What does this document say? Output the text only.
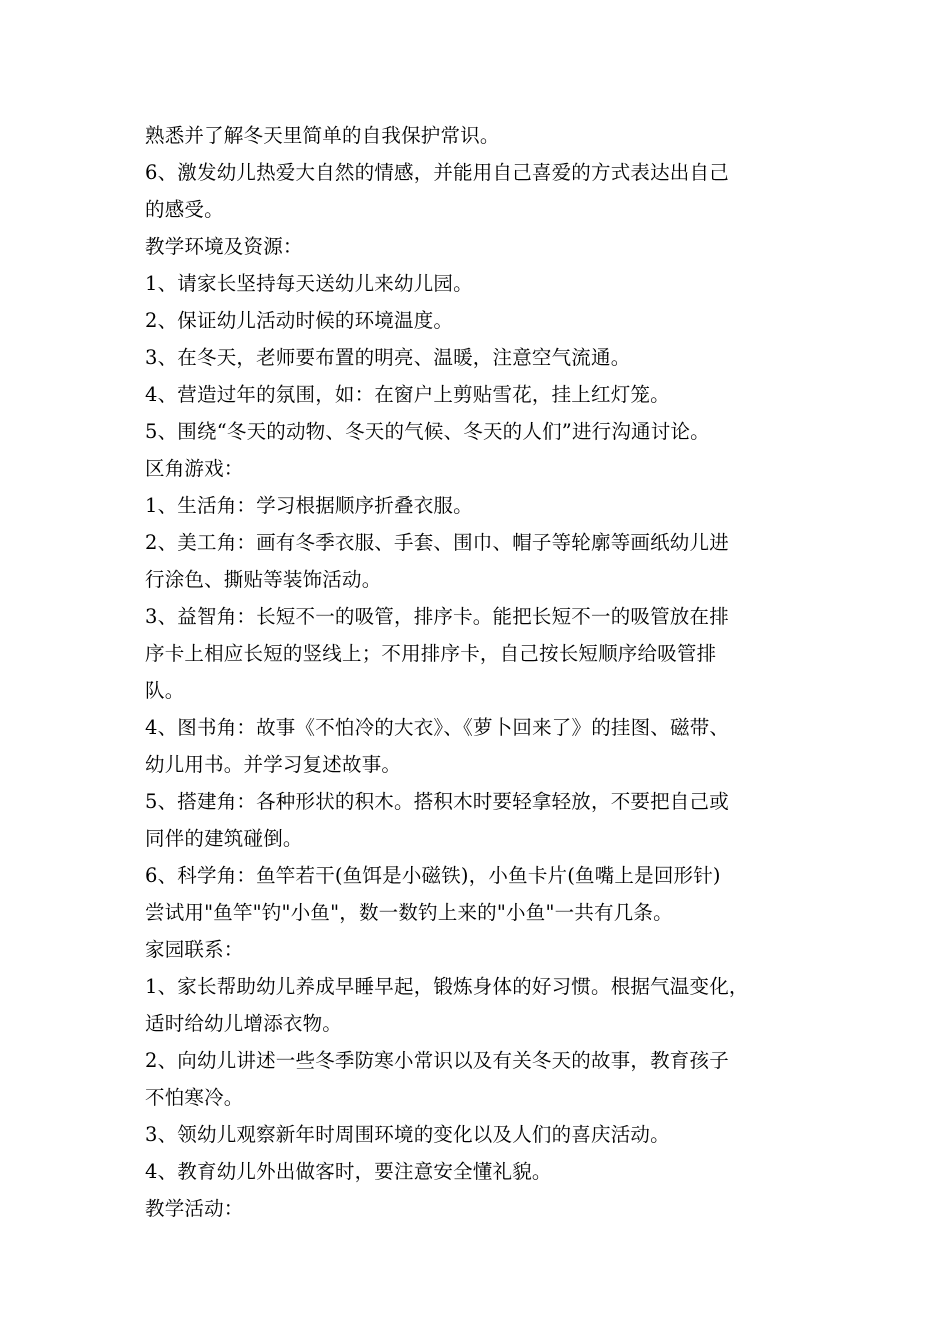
熟悉并了解冬天里简单的自我保护常识。
6、激发幼儿热爱大自然的情感，并能用自己喜爱的方式表达出自己
的感受。
教学环境及资源：
1、请家长坚持每天送幼儿来幼儿园。
2、保证幼儿活动时候的环境温度。
3、在冬天，老师要布置的明亮、温暖，注意空气流通。
4、营造过年的氛围，如：在窗户上剪贴雪花，挂上红灯笼。
5、围绕“冬天的动物、冬天的气候、冬天的人们”进行沟通讨论。
区角游戏：
1、生活角：学习根据顺序折叠衣服。
2、美工角：画有冬季衣服、手套、围巾、帽子等轮廓等画纸幼儿进
行涂色、撕贴等装饰活动。
3、益智角：长短不一的吸管，排序卡。能把长短不一的吸管放在排
序卡上相应长短的竖线上；不用排序卡，自己按长短顺序给吸管排
队。
4、图书角：故事《不怕冷的大衣》、《萝卜回来了》的挂图、磁带、
幼儿用书。并学习复述故事。
5、搭建角：各种形状的积木。搭积木时要轻拿轻放，不要把自己或
同伴的建筑碰倒。
6、科学角：鱼竿若干(鱼饵是小磁铁)，小鱼卡片(鱼嘴上是回形针)
尝试用"鱼竿"钓"小鱼"，数一数钓上来的"小鱼"一共有几条。
家园联系：
1、家长帮助幼儿养成早睡早起，锻炼身体的好习惯。根据气温变化，
适时给幼儿增添衣物。
2、向幼儿讲述一些冬季防寒小常识以及有关冬天的故事，教育孩子
不怕寒冷。
3、领幼儿观察新年时周围环境的变化以及人们的喜庆活动。
4、教育幼儿外出做客时，要注意安全懂礼貌。
教学活动：
